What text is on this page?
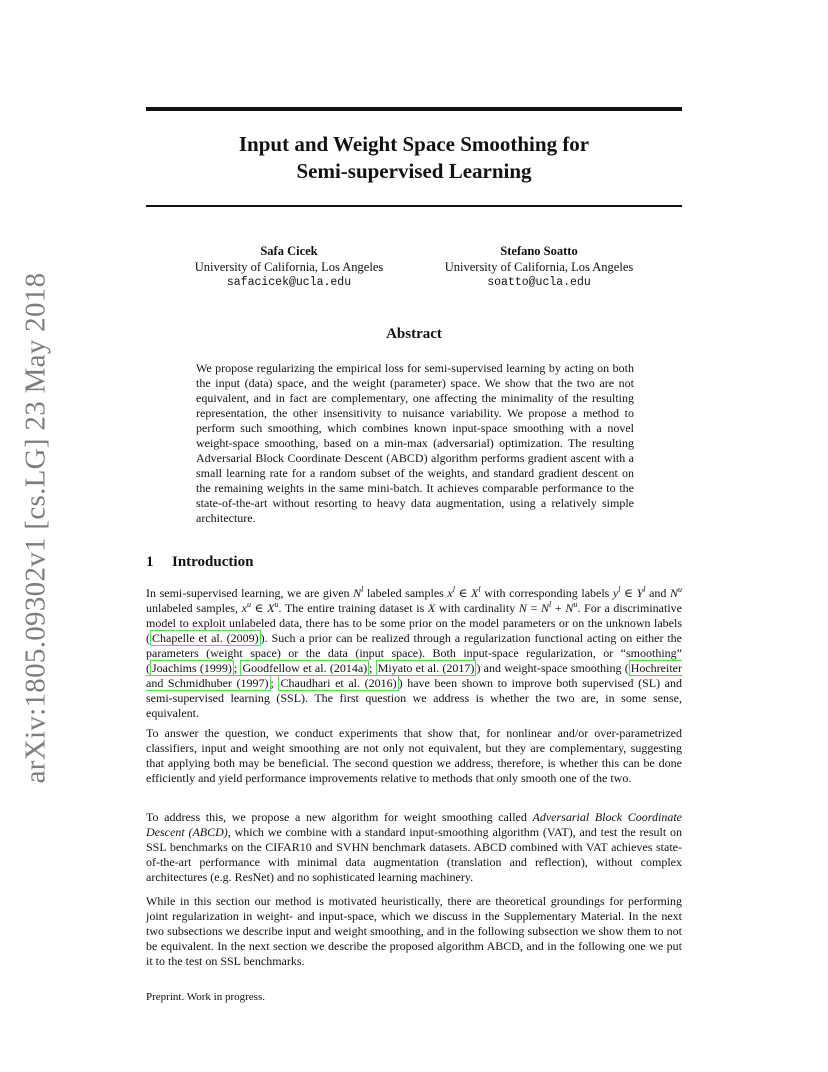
arXiv:1805.09302v1 [cs.LG] 23 May 2018
Input and Weight Space Smoothing for
Semi-supervised Learning
Safa Cicek
University of California, Los Angeles
safacicek@ucla.edu
Stefano Soatto
University of California, Los Angeles
soatto@ucla.edu
Abstract
We propose regularizing the empirical loss for semi-supervised learning by acting on both the input (data) space, and the weight (parameter) space. We show that the two are not equivalent, and in fact are complementary, one affecting the minimality of the resulting representation, the other insensitivity to nuisance variability. We propose a method to perform such smoothing, which combines known input-space smoothing with a novel weight-space smoothing, based on a min-max (adversarial) optimization. The resulting Adversarial Block Coordinate Descent (ABCD) algorithm performs gradient ascent with a small learning rate for a random subset of the weights, and standard gradient descent on the remaining weights in the same mini-batch. It achieves comparable performance to the state-of-the-art without resorting to heavy data augmentation, using a relatively simple architecture.
1 Introduction
In semi-supervised learning, we are given $N^l$ labeled samples $x^l$ ∈ $X^l$ with corresponding labels $y^l$ ∈ $Y^l$ and $N^u$ unlabeled samples, $x^u$ ∈ $X^u$. The entire training dataset is X with cardinality $N = N^l + N^u$. For a discriminative model to exploit unlabeled data, there has to be some prior on the model parameters or on the unknown labels ( Chapelle et al. (2009) ). Such a prior can be realized through a regularization functional acting on either the parameters (weight space) or the data (input space). Both input-space regularization, or “smoothing” ( Joachims (1999) ; Goodfellow et al. (2014a) ; Miyato et al. (2017) ) and weight-space smoothing ( Hochreiter and Schmidhuber (1997) ; Chaudhari et al. (2016) ) have been shown to improve both supervised (SL) and semi-supervised learning (SSL). The first question we address is whether the two are, in some sense, equivalent.
To answer the question, we conduct experiments that show that, for nonlinear and/or over-parametrized classifiers, input and weight smoothing are not only not equivalent, but they are complementary, suggesting that applying both may be beneficial. The second question we address, therefore, is whether this can be done efficiently and yield performance improvements relative to methods that only smooth one of the two.
To address this, we propose a new algorithm for weight smoothing called Adversarial Block Coordinate Descent (ABCD), which we combine with a standard input-smoothing algorithm (VAT), and test the result on SSL benchmarks on the CIFAR10 and SVHN benchmark datasets. ABCD combined with VAT achieves state-of-the-art performance with minimal data augmentation (translation and reflection), without complex architectures (e.g. ResNet) and no sophisticated learning machinery.
While in this section our method is motivated heuristically, there are theoretical groundings for performing joint regularization in weight- and input-space, which we discuss in the Supplementary Material. In the next two subsections we describe input and weight smoothing, and in the following subsection we show them to not be equivalent. In the next section we describe the proposed algorithm ABCD, and in the following one we put it to the test on SSL benchmarks.
Preprint. Work in progress.
